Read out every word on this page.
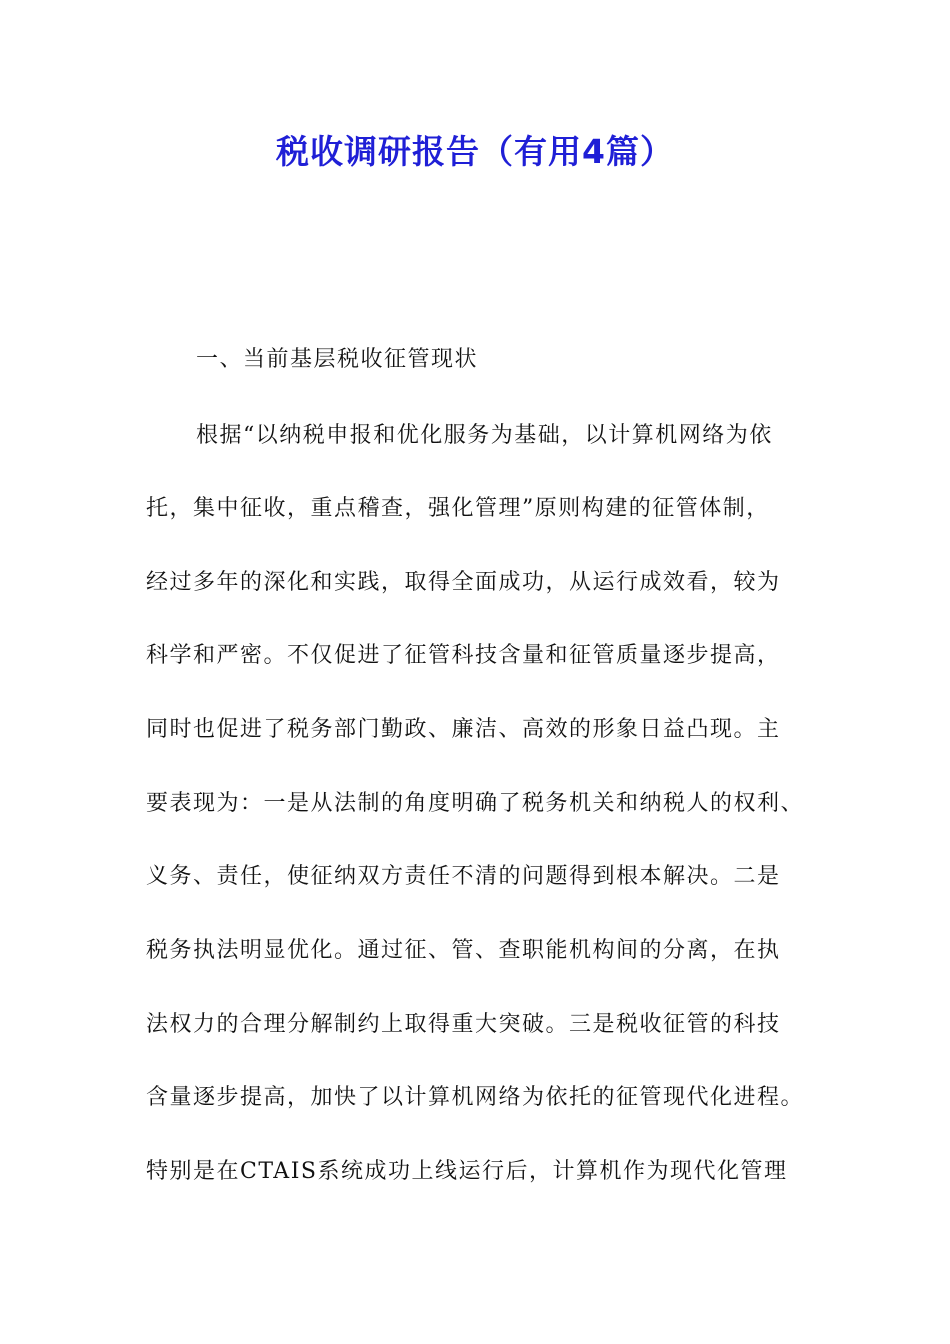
税收调研报告（有用4篇）

一、当前基层税收征管现状

根据“以纳税申报和优化服务为基础，以计算机网络为依
托，集中征收，重点稽查，强化管理”原则构建的征管体制，
经过多年的深化和实践，取得全面成功，从运行成效看，较为
科学和严密。不仅促进了征管科技含量和征管质量逐步提高，
同时也促进了税务部门勤政、廉洁、高效的形象日益凸现。主
要表现为：一是从法制的角度明确了税务机关和纳税人的权利、
义务、责任，使征纳双方责任不清的问题得到根本解决。二是
税务执法明显优化。通过征、管、查职能机构间的分离，在执
法权力的合理分解制约上取得重大突破。三是税收征管的科技
含量逐步提高，加快了以计算机网络为依托的征管现代化进程。
特别是在CTAIS系统成功上线运行后，计算机作为现代化管理
